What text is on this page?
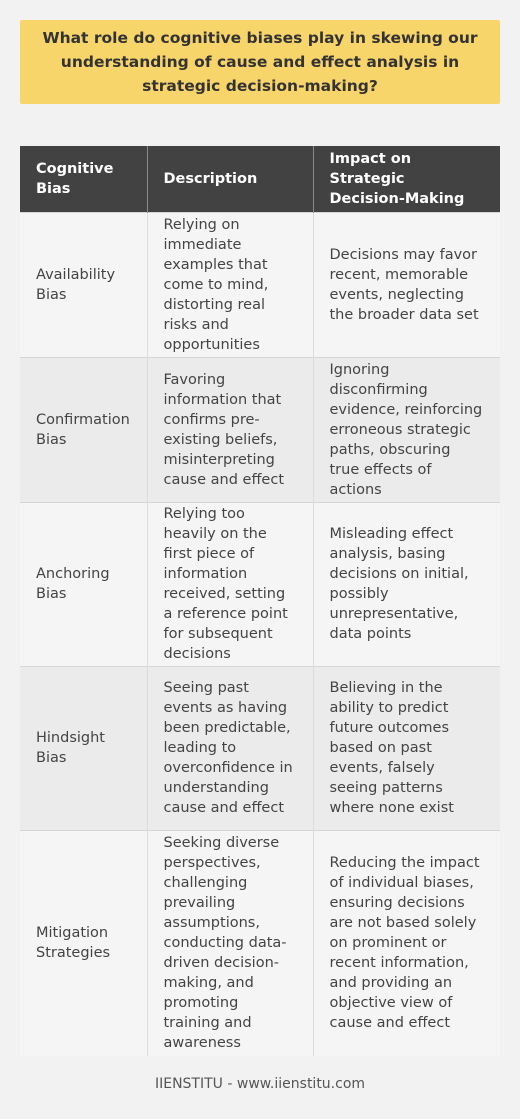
What role do cognitive biases play in skewing our understanding of cause and effect analysis in strategic decision-making?
Cognitive Bias	Description	Impact on Strategic Decision-Making
Availability Bias	Relying on immediate examples that come to mind, distorting real risks and opportunities	Decisions may favor recent, memorable events, neglecting the broader data set
Confirmation Bias	Favoring information that confirms pre-existing beliefs, misinterpreting cause and effect	Ignoring disconfirming evidence, reinforcing erroneous strategic paths, obscuring true effects of actions
Anchoring Bias	Relying too heavily on the first piece of information received, setting a reference point for subsequent decisions	Misleading effect analysis, basing decisions on initial, possibly unrepresentative, data points
Hindsight Bias	Seeing past events as having been predictable, leading to overconfidence in understanding cause and effect	Believing in the ability to predict future outcomes based on past events, falsely seeing patterns where none exist
Mitigation Strategies	Seeking diverse perspectives, challenging prevailing assumptions, conducting data-driven decision-making, and promoting training and awareness	Reducing the impact of individual biases, ensuring decisions are not based solely on prominent or recent information, and providing an objective view of cause and effect
IIENSTITU - www.iienstitu.com
